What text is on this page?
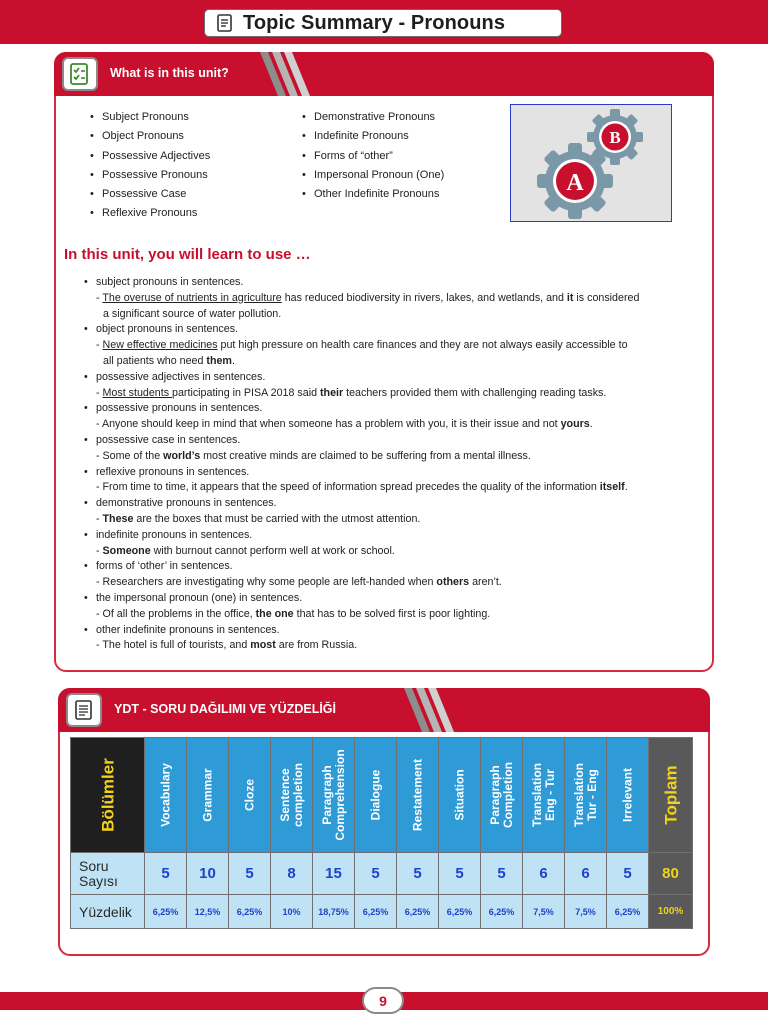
Topic Summary - Pronouns
What is in this unit?
• Subject Pronouns
• Object Pronouns
• Possessive Adjectives
• Possessive Pronouns
• Possessive Case
• Reflexive Pronouns
• Demonstrative Pronouns
• Indefinite Pronouns
• Forms of “other”
• Impersonal Pronoun (One)
• Other Indefinite Pronouns
B
A
In this unit, you will learn to use …
• subject pronouns in sentences.
- The overuse of nutrients in agriculture has reduced biodiversity in rivers, lakes, and wetlands, and it is considered
a significant source of water pollution.
• object pronouns in sentences.
- New effective medicines put high pressure on health care finances and they are not always easily accessible to
all patients who need them.
• possessive adjectives in sentences.
- Most students participating in PISA 2018 said their teachers provided them with challenging reading tasks.
• possessive pronouns in sentences.
- Anyone should keep in mind that when someone has a problem with you, it is their issue and not yours.
• possessive case in sentences.
- Some of the world’s most creative minds are claimed to be suffering from a mental illness.
• reflexive pronouns in sentences.
- From time to time, it appears that the speed of information spread precedes the quality of the information itself.
• demonstrative pronouns in sentences.
- These are the boxes that must be carried with the utmost attention.
• indefinite pronouns in sentences.
- Someone with burnout cannot perform well at work or school.
• forms of ‘other’ in sentences.
- Researchers are investigating why some people are left-handed when others aren’t.
• the impersonal pronoun (one) in sentences.
- Of all the problems in the office, the one that has to be solved first is poor lighting.
• other indefinite pronouns in sentences.
- The hotel is full of tourists, and most are from Russia.
YDT - SORU DAĞILIMI VE YÜZDELİĞİ
Bölümler	Vocabulary	Grammar	Cloze	Sentence completion	Paragraph Comprehension	Dialogue	Restatement	Situation	Paragraph Completion	Translation Eng - Tur	Translation Tur - Eng	Irrelevant	Toplam

Soru
Sayısı	5	10	5	8	15	5	5	5	5	6	6	5	80
Yüzdelik	6,25%	12,5%	6,25%	10%	18,75%	6,25%	6,25%	6,25%	6,25%	7,5%	7,5%	6,25%	100%
9
